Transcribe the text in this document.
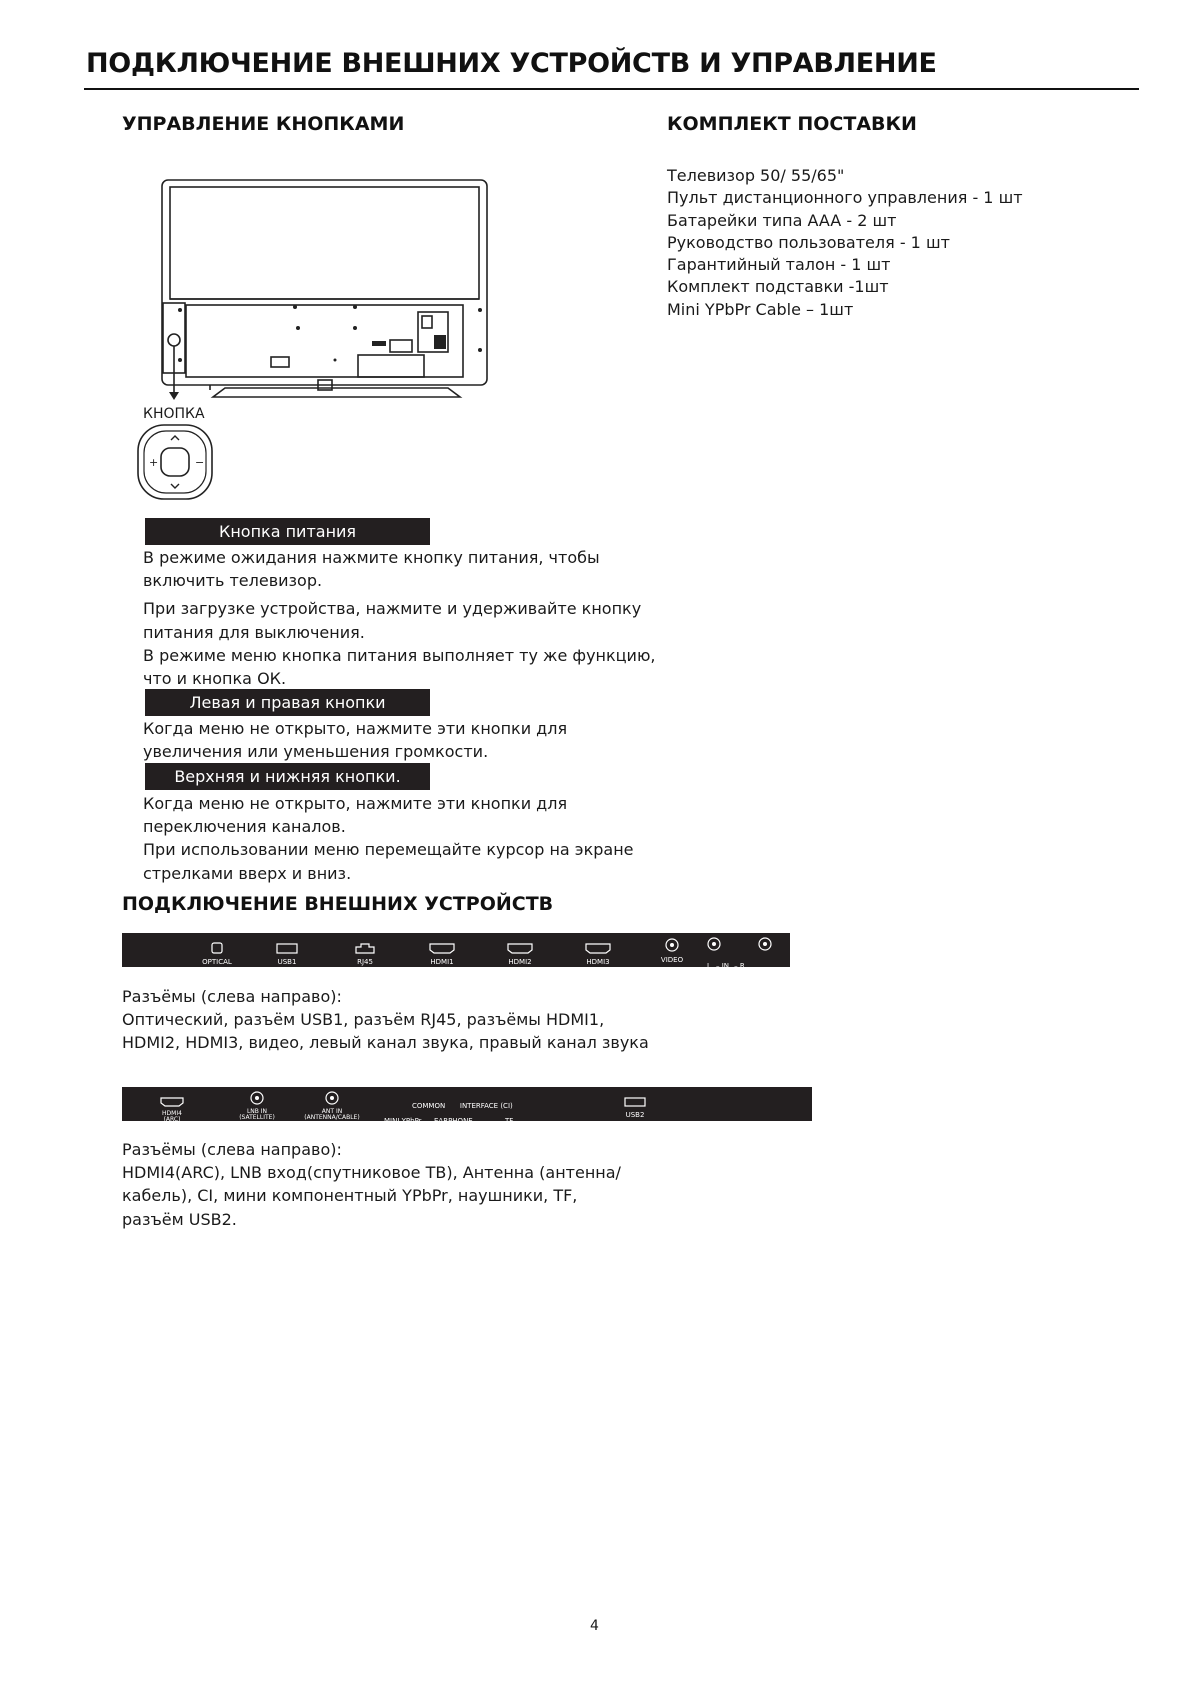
ПОДКЛЮЧЕНИЕ ВНЕШНИХ УСТРОЙСТВ И УПРАВЛЕНИЕ
УПРАВЛЕНИЕ КНОПКАМИ	КОМПЛЕКТ ПОСТАВКИ
Телевизор 50/ 55/65"
Пульт дистанционного управления - 1 шт
Батарейки типа AAA - 2 шт
Руководство пользователя - 1 шт
Гарантийный талон - 1 шт
Комплект подставки -1шт
Mini YPbPr Cable – 1шт
КНОПКА
+	−
Кнопка питания
В режиме ожидания нажмите кнопку питания, чтобы
включить телевизор.
При загрузке устройства, нажмите и удерживайте кнопку
питания для выключения.
В режиме меню кнопка питания выполняет ту же функцию,
что и кнопка ОК.
Левая и правая кнопки
Когда меню не открыто, нажмите эти кнопки для
увеличения или уменьшения громкости.
Верхняя и нижняя кнопки.
Когда меню не открыто, нажмите эти кнопки для
переключения каналов.
При использовании меню перемещайте курсор на экране
стрелками вверх и вниз.
ПОДКЛЮЧЕНИЕ ВНЕШНИХ УСТРОЙСТВ
OPTICAL	USB1	RJ45	HDMI1	HDMI2	HDMI3	VIDEO
L – IN – R
Разъёмы (слева направо):
Оптический, разъём USB1, разъём RJ45, разъёмы HDMI1,
HDMI2, HDMI3, видео, левый канал звука, правый канал звука
HDMI4
(ARC)
LNB IN
(SATELLITE)
ANT IN
(ANTENNA/CABLE)
COMMON INTERFACE (CI)
MINI YPbPr	EARPHONE	TF
USB2
Разъёмы (слева направо):
HDMI4(ARC), LNB вход(спутниковое ТВ), Антенна (антенна/
кабель), CI, мини компонентный YPbPr, наушники, TF,
разъём USB2.
4
